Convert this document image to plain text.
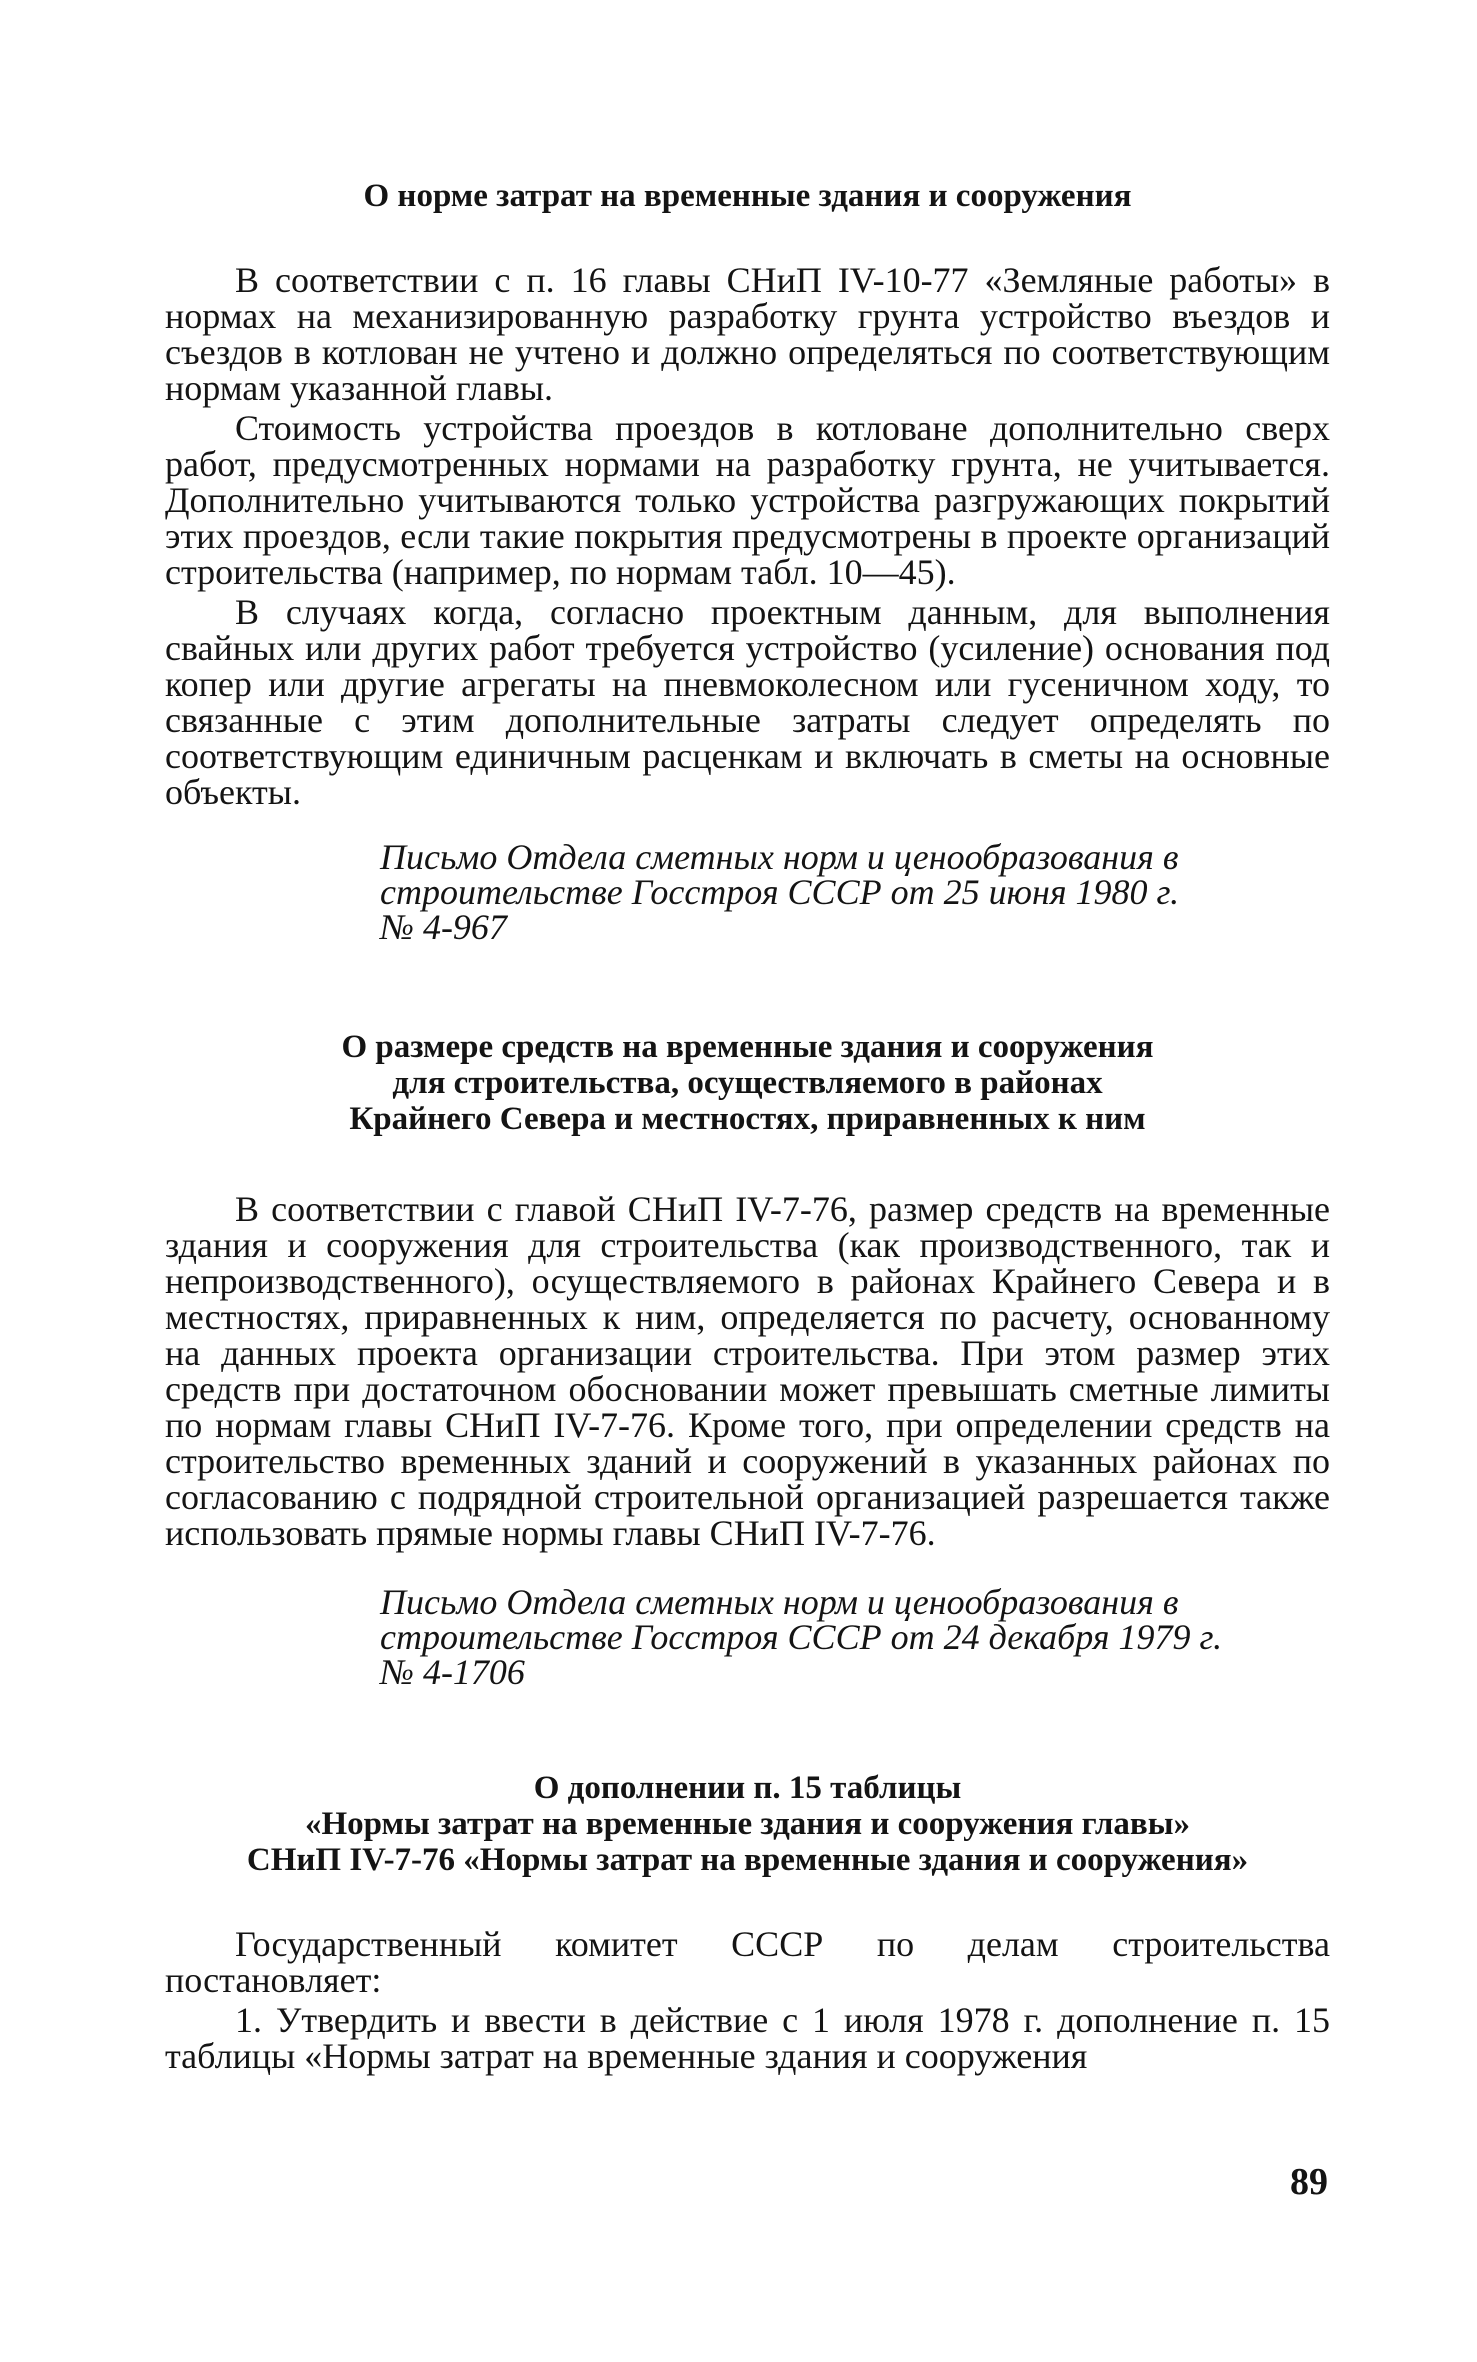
О норме затрат на временные здания и сооружения

В соответствии с п. 16 главы СНиП IV-10-77 «Земляные работы» в нормах на механизированную разработку грунта устройство въездов и съездов в котлован не учтено и должно определяться по соответствующим нормам указанной главы.

Стоимость устройства проездов в котловане дополнительно сверх работ, предусмотренных нормами на разработку грунта, не учитывается. Дополнительно учитываются только устройства разгружающих покрытий этих проездов, если такие покрытия предусмотрены в проекте организаций строительства (например, по нормам табл. 10—45).

В случаях когда, согласно проектным данным, для выполнения свайных или других работ требуется устройство (усиление) основания под копер или другие агрегаты на пневмоколесном или гусеничном ходу, то связанные с этим дополнительные затраты следует определять по соответствующим единичным расценкам и включать в сметы на основные объекты.

Письмо Отдела сметных норм и ценообразования в
строительстве Госстроя СССР от 25 июня 1980 г.
№ 4-967
О размере средств на временные здания и сооружения
для строительства, осуществляемого в районах
Крайнего Севера и местностях, приравненных к ним

В соответствии с главой СНиП IV-7-76, размер средств на временные здания и сооружения для строительства (как производственного, так и непроизводственного), осуществляемого в районах Крайнего Севера и в местностях, приравненных к ним, определяется по расчету, основанному на данных проекта организации строительства. При этом размер этих средств при достаточном обосновании может превышать сметные лимиты по нормам главы СНиП IV-7-76. Кроме того, при определении средств на строительство временных зданий и сооружений в указанных районах по согласованию с подрядной строительной организацией разрешается также использовать прямые нормы главы СНиП IV-7-76.

Письмо Отдела сметных норм и ценообразования в
строительстве Госстроя СССР от 24 декабря 1979 г.
№ 4-1706
О дополнении п. 15 таблицы
«Нормы затрат на временные здания и сооружения главы»
СНиП IV-7-76 «Нормы затрат на временные здания и сооружения»

Государственный комитет СССР по делам строительства постановляет:

1. Утвердить и ввести в действие с 1 июля 1978 г. дополнение п. 15 таблицы «Нормы затрат на временные здания и сооружения

89
